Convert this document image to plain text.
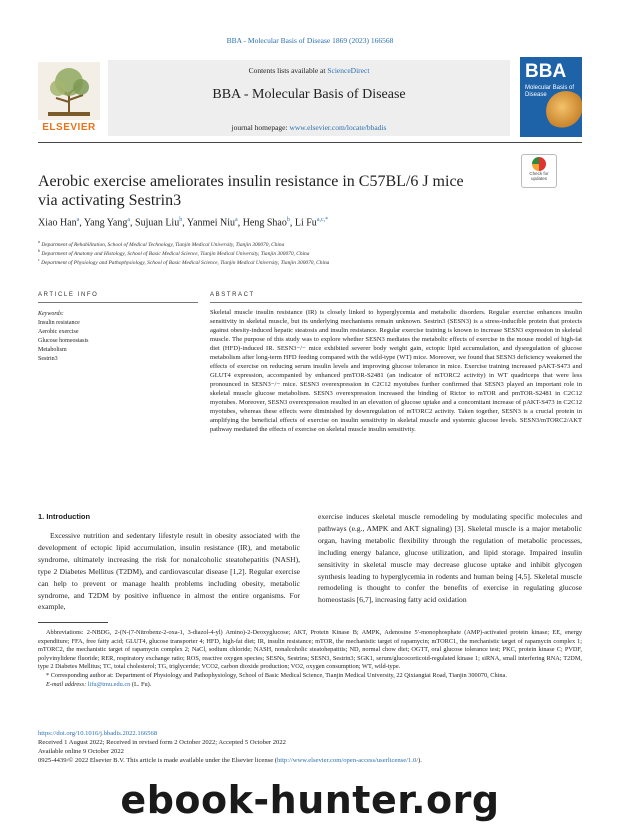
BBA - Molecular Basis of Disease 1869 (2023) 166568
ELSEVIER
Contents lists available at ScienceDirect
BBA - Molecular Basis of Disease
journal homepage: www.elsevier.com/locate/bbadis
BBA
Molecular Basis of Disease
Aerobic exercise ameliorates insulin resistance in C57BL/6 J mice via activating Sestrin3
Check for updates
Xiao Han$^a$, Yang Yang$^a$, Sujuan Liu$^b$, Yanmei Niu$^a$, Heng Shao$^b$, Li $Fu^{a,c,*}$
$^a$ Department of Rehabilitation, School of Medical Technology, Tianjin Medical University, Tianjin 300070, China
$^b$ Department of Anatomy and Histology, School of Basic Medical Science, Tianjin Medical University, Tianjin 300070, China
$^c$ Department of Physiology and Pathophysiology, School of Basic Medical Science, Tianjin Medical University, Tianjin 300070, China
ARTICLE INFO
Keywords:
Insulin resistance
Aerobic exercise
Glucose homeostasis
Metabolism
Sestrin3
ABSTRACT
Skeletal muscle insulin resistance (IR) is closely linked to hyperglycemia and metabolic disorders. Regular exercise enhances insulin sensitivity in skeletal muscle, but its underlying mechanisms remain unknown. Sestrin3 (SESN3) is a stress-inducible protein that protects against obesity-induced hepatic steatosis and insulin resistance. Regular exercise training is known to increase SESN3 expression in skeletal muscle. The purpose of this study was to explore whether SESN3 mediates the metabolic effects of exercise in the mouse model of high-fat diet (HFD)-induced IR. SESN3−/− mice exhibited severer body weight gain, ectopic lipid accumulation, and dysregulation of glucose metabolism after long-term HFD feeding compared with the wild-type (WT) mice. Moreover, we found that SESN3 deficiency weakened the effects of exercise on reducing serum insulin levels and improving glucose tolerance in mice. Exercise training increased pAKT-S473 and GLUT4 expression, accompanied by enhanced pmTOR-S2481 (an indicator of mTORC2 activity) in WT quadriceps that were less pronounced in SESN3−/− mice. SESN3 overexpression in C2C12 myotubes further confirmed that SESN3 played an important role in skeletal muscle glucose metabolism. SESN3 overexpression increased the binding of Rictor to mTOR and pmTOR-S2481 in C2C12 myotubes. Moreover, SESN3 overexpression resulted in an elevation of glucose uptake and a concomitant increase of pAKT-S473 in C2C12 myotubes, whereas these effects were diminished by downregulation of mTORC2 activity. Taken together, SESN3 is a crucial protein in amplifying the beneficial effects of exercise on insulin sensitivity in skeletal muscle and systemic glucose levels. SESN3/mTORC2/AKT pathway mediated the effects of exercise on skeletal muscle insulin sensitivity.
1. Introduction
Excessive nutrition and sedentary lifestyle result in obesity associated with the development of ectopic lipid accumulation, insulin resistance (IR), and metabolic syndrome, ultimately increasing the risk for nonalcoholic steatohepatitis (NASH), type 2 Diabetes Mellitus (T2DM), and cardiovascular disease [1,2]. Regular exercise can help to prevent or manage health problems including obesity, metabolic syndrome, and T2DM by positive influence in almost the entire organisms. For example,
exercise induces skeletal muscle remodeling by modulating specific molecules and pathways (e.g., AMPK and AKT signaling) [3]. Skeletal muscle is a major metabolic organ, having metabolic flexibility through the regulation of metabolic processes, including energy balance, glucose utilization, and lipid storage. Impaired insulin sensitivity in skeletal muscle may decrease glucose uptake and inhibit glycogen synthesis leading to hyperglycemia in rodents and human being [4,5]. Skeletal muscle remodeling is thought to confer the benefits of exercise in regulating glucose homeostasis [6,7], increasing fatty acid oxidation
Abbreviations: 2-NBDG, 2-(N-(7-Nitrobenz-2-oxa-1, 3-diazol-4-yl) Amino)-2-Deoxyglucose; AKT, Protein Kinase B; AMPK, Adenosine 5′-monophosphate (AMP)-activated protein kinase; EE, energy expenditure; FFA, free fatty acid; GLUT4, glucose transporter 4; HFD, high-fat diet; IR, insulin resistance; mTOR, the mechanistic target of rapamycin; mTORC1, the mechanistic target of rapamycin complex 1; mTORC2, the mechanistic target of rapamycin complex 2; NaCl, sodium chloride; NASH, nonalcoholic steatohepatitis; ND, normal chow diet; OGTT, oral glucose tolerance test; PKC, protein kinase C; PVDF, polyvinylidene fluoride; RER, respiratory exchange ratio; ROS, reactive oxygen species; SESNs, Sestrins; SESN3, Sestrin3; SGK1, serum/glucocorticoid-regulated kinase 1; siRNA, small interfering RNA; T2DM, type 2 Diabetes Mellitus; TC, total cholesterol; TG, triglyceride; VCO2, carbon dioxide production; VO2, oxygen consumption; WT, wild-type.
* Corresponding author at: Department of Physiology and Pathophysiology, School of Basic Medical Science, Tianjin Medical University, 22 Qixiangtai Road, Tianjin 300070, China.
E-mail address: lifu@tmu.edu.cn (L. Fu).
https://doi.org/10.1016/j.bbadis.2022.166568
Received 1 August 2022; Received in revised form 2 October 2022; Accepted 5 October 2022
Available online 9 October 2022
0925-4439/© 2022 Elsevier B.V. This article is made available under the Elsevier license (http://www.elsevier.com/open-access/userlicense/1.0/).
ebook-hunter.org
